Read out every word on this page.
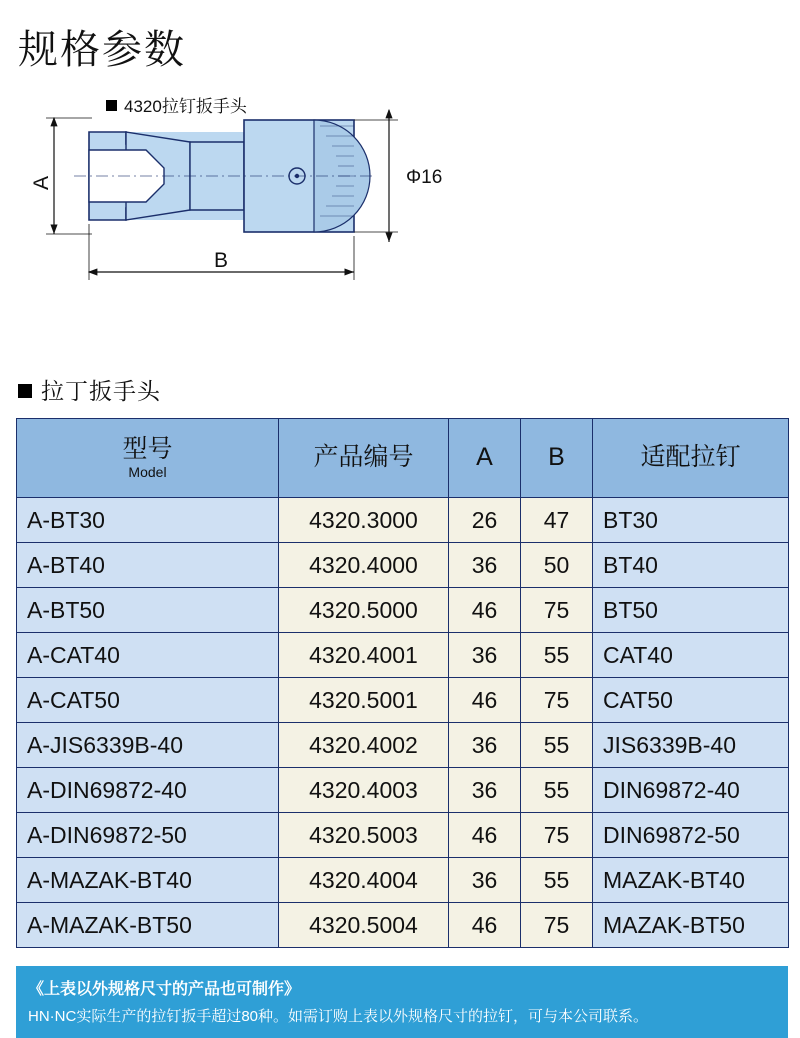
规格参数
4320拉钉扳手头
A
B
Φ16
拉丁扳手头
型号
Model	产品编号	A	B	适配拉钉
A-BT30	4320.3000	26	47	BT30
A-BT40	4320.4000	36	50	BT40
A-BT50	4320.5000	46	75	BT50
A-CAT40	4320.4001	36	55	CAT40
A-CAT50	4320.5001	46	75	CAT50
A-JIS6339B-40	4320.4002	36	55	JIS6339B-40
A-DIN69872-40	4320.4003	36	55	DIN69872-40
A-DIN69872-50	4320.5003	46	75	DIN69872-50
A-MAZAK-BT40	4320.4004	36	55	MAZAK-BT40
A-MAZAK-BT50	4320.5004	46	75	MAZAK-BT50
《上表以外规格尺寸的产品也可制作》
HN·NC实际生产的拉钉扳手超过80种。如需订购上表以外规格尺寸的拉钉，可与本公司联系。
